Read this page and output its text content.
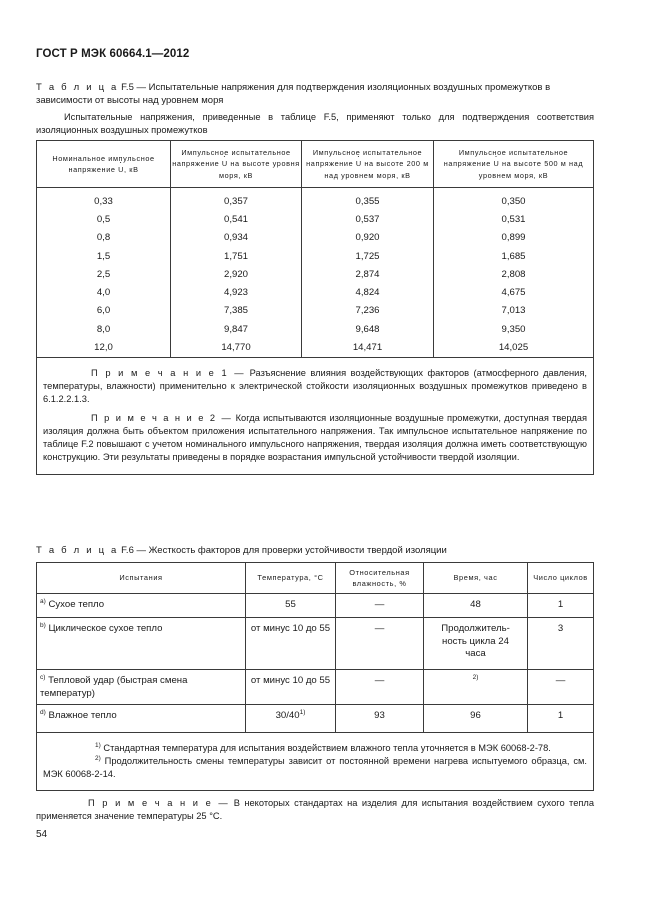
ГОСТ Р МЭК 60664.1—2012
Т а б л и ц а F.5 — Испытательные напряжения для подтверждения изоляционных воздушных промежутков в зависимости от высоты над уровнем моря
Испытательные напряжения, приведенные в таблице F.5, применяют только для подтверждения соответствия изоляционных воздушных промежутков
Номинальное импульсное напряжение · U, кВ	Импульсное испытательное напряжение · U на высоте уровня моря, кВ	Импульсное испытательное напряжение · U на высоте 200 м над уровнем моря, кВ	Импульсное испытательное напряжение · U на высоте 500 м над уровнем моря, кВ
0,33	0,357	0,355	0,350
0,5	0,541	0,537	0,531
0,8	0,934	0,920	0,899
1,5	1,751	1,725	1,685
2,5	2,920	2,874	2,808
4,0	4,923	4,824	4,675
6,0	7,385	7,236	7,013
8,0	9,847	9,648	9,350
12,0	14,770	14,471	14,025

П р и м е ч а н и е 1 — Разъяснение влияния воздействующих факторов (атмосферного давления, температуры, влажности) применительно к электрической стойкости изоляционных воздушных промежутков приведено в 6.1.2.2.1.3.

П р и м е ч а н и е 2 — Когда испытываются изоляционные воздушные промежутки, доступная твердая изоляция должна быть объектом приложения испытательного напряжения. Так импульсное испытательное напряжение по таблице F.2 повышают с учетом номинального импульсного напряжения, твердая изоляция должна иметь соответствующую конструкцию. Эти результаты приведены в порядке возрастания импульсной устойчивости твердой изоляции.			

Т а б л и ц а F.6 — Жесткость факторов для проверки устойчивости твердой изоляции
Испытания	Температура, °С	Относительная влажность, %	Время, час	Число циклов
$^{a)}$ Сухое тепло	55	—	48	1
$^{b)}$ Циклическое сухое тепло	от минус 10 до 55	—	Продолжитель-ность цикла 24 часа	3
$^{c)}$ Тепловой удар (быстрая смена температур)	от минус 10 до 55	—	$^{2)}$	—
$^{d)}$ Влажное тепло	30/40$^{1)}$	93	96	1

$^{1)}$ Стандартная температура для испытания воздействием влажного тепла уточняется в МЭК 60068-2-78.

$^{2)}$ Продолжительность смены температуры зависит от постоянной времени нагрева испытуемого образца, см. МЭК 60068-2-14.				

П р и м е ч а н и е — В некоторых стандартах на изделия для испытания воздействием сухого тепла применяется значение температуры 25 °С.
54
